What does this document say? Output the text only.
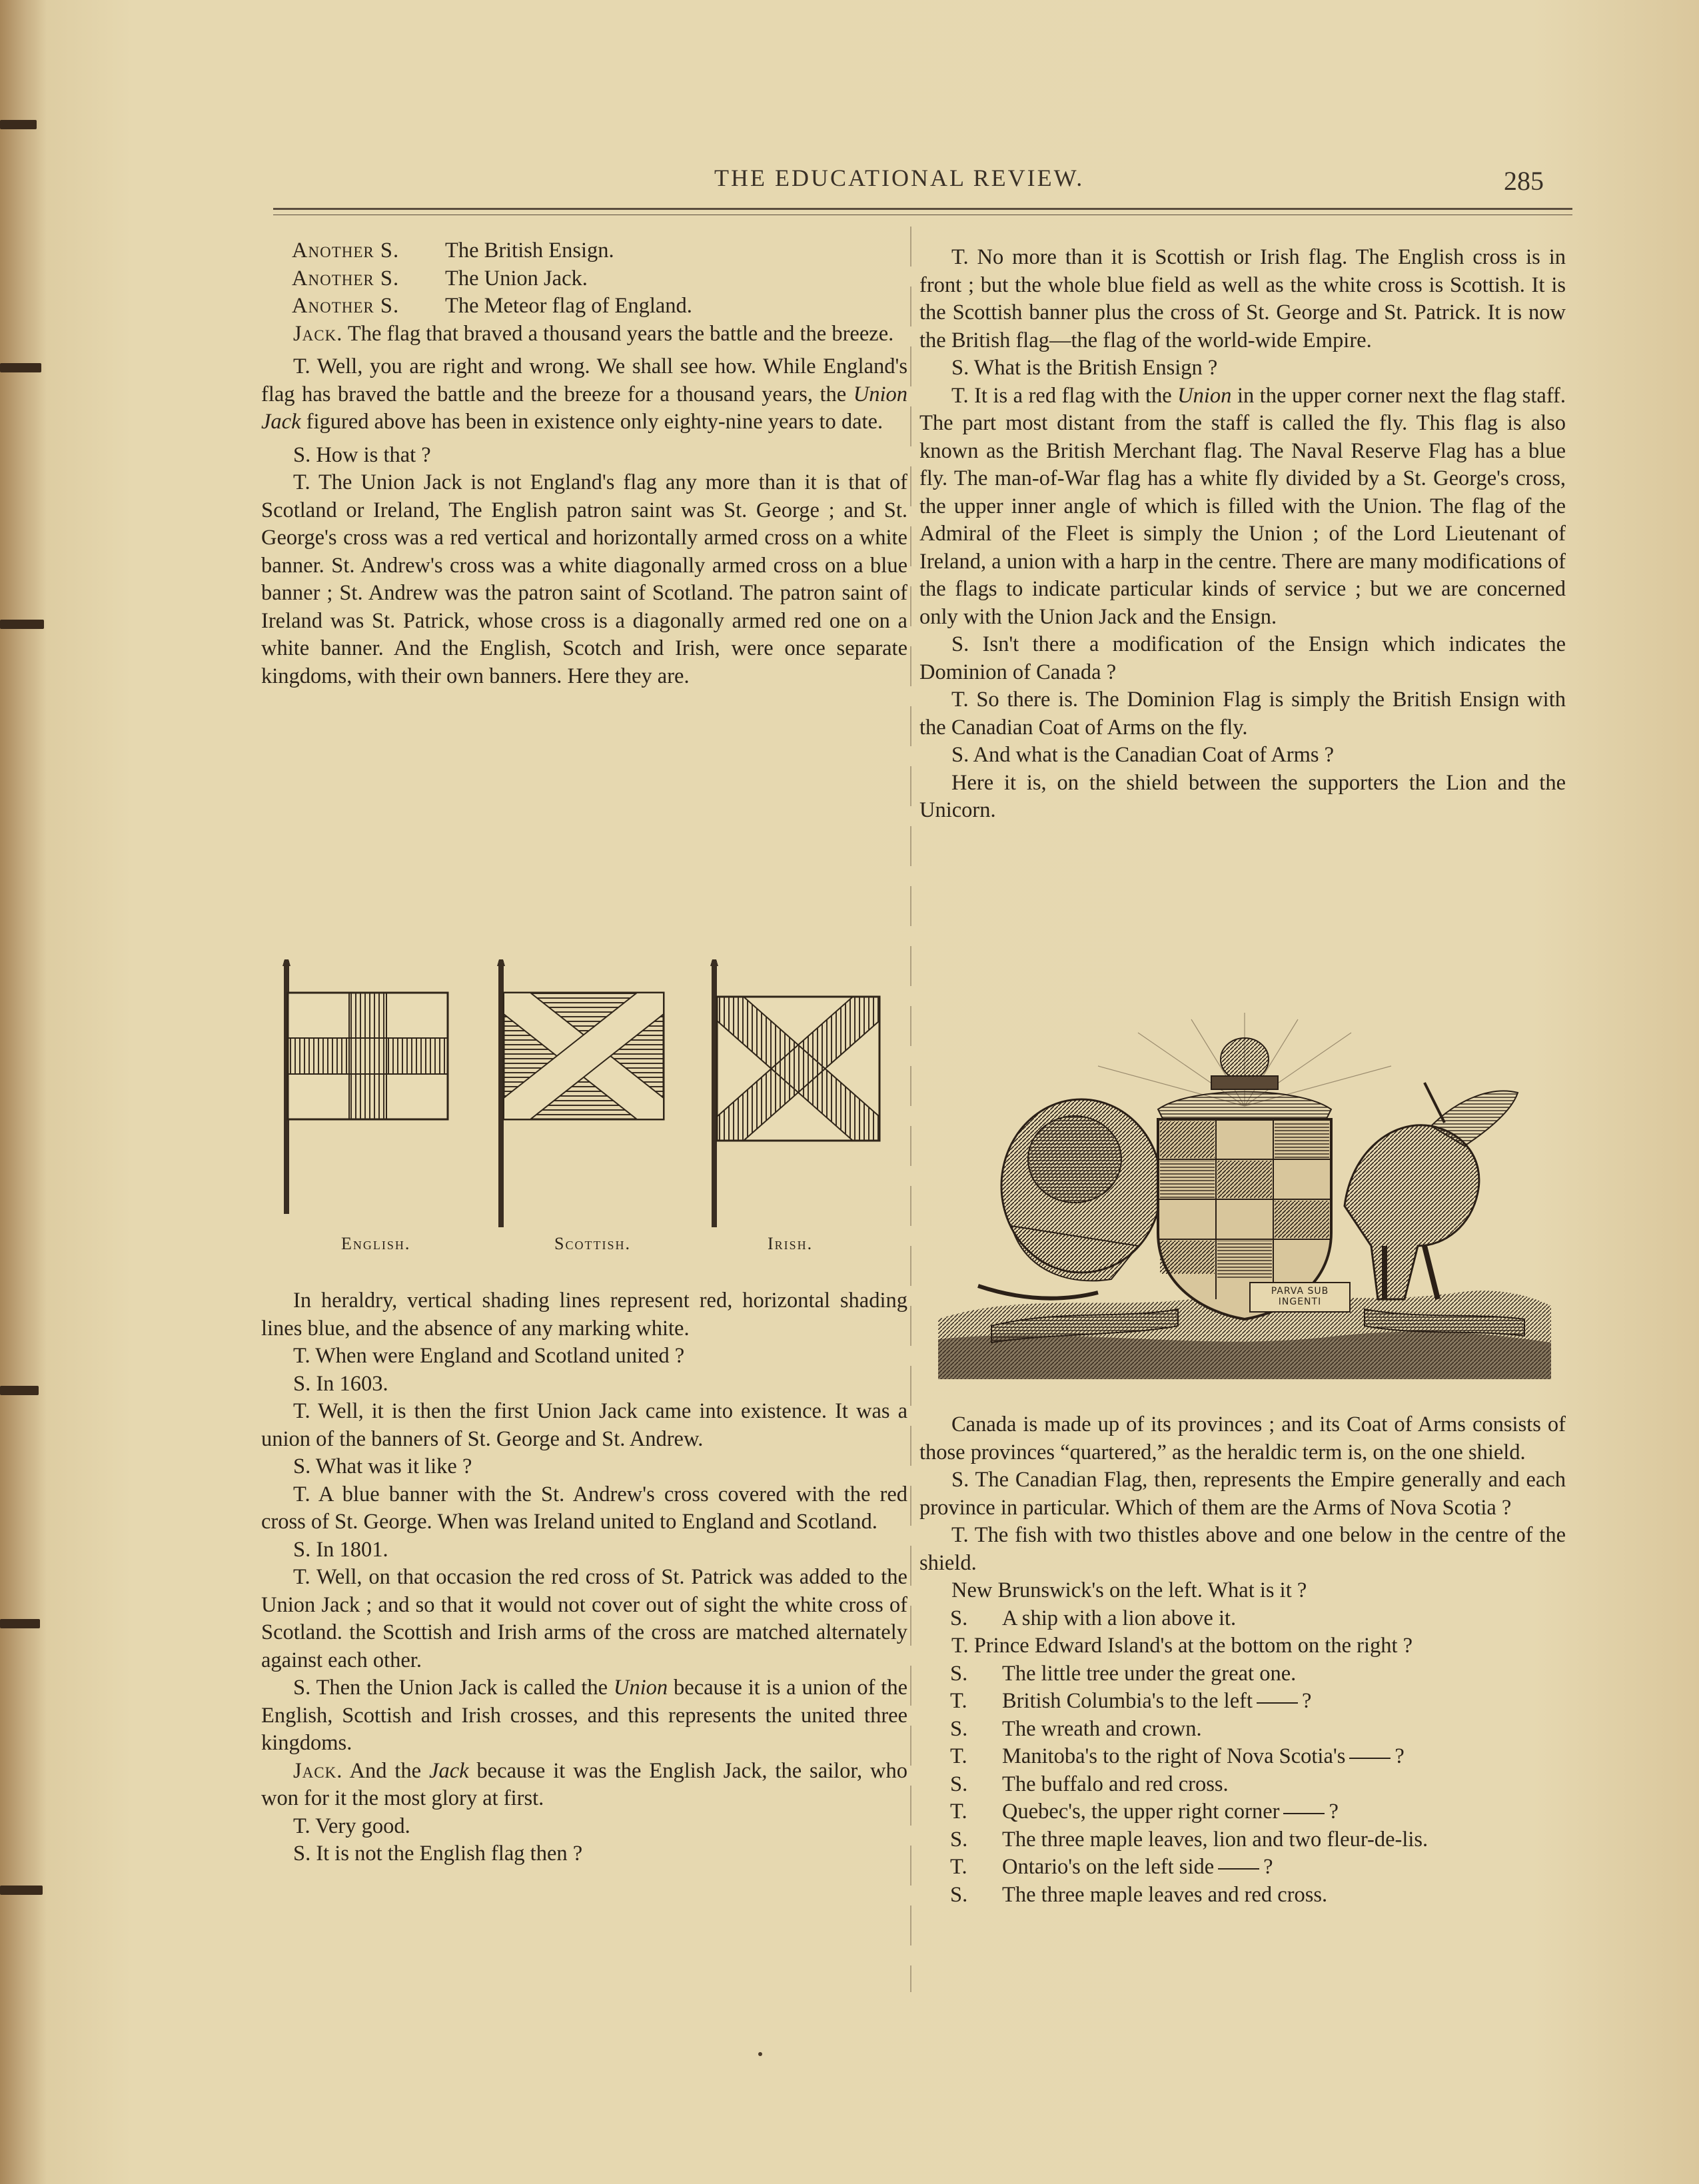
THE EDUCATIONAL REVIEW.	285

Another S. The British Ensign.

Another S. The Union Jack.

Another S. The Meteor flag of England.

Jack. The flag that braved a thousand years the battle and the breeze.

T. Well, you are right and wrong. We shall see how. While England's flag has braved the battle and the breeze for a thousand years, the Union Jack figured above has been in existence only eighty-nine years to date.

S. How is that ?

T. The Union Jack is not England's flag any more than it is that of Scotland or Ireland, The English patron saint was St. George ; and St. George's cross was a red vertical and horizontally armed cross on a white banner. St. Andrew's cross was a white diagonally armed cross on a blue banner ; St. Andrew was the patron saint of Scotland. The patron saint of Ireland was St. Patrick, whose cross is a diagonally armed red one on a white banner. And the English, Scotch and Irish, were once separate kingdoms, with their own banners. Here they are.

English.	Scottish.	Irish.

In heraldry, vertical shading lines represent red, horizontal shading lines blue, and the absence of any marking white.

T. When were England and Scotland united ?

S. In 1603.

T. Well, it is then the first Union Jack came into existence. It was a union of the banners of St. George and St. Andrew.

S. What was it like ?

T. A blue banner with the St. Andrew's cross covered with the red cross of St. George. When was Ireland united to England and Scotland.

S. In 1801.

T. Well, on that occasion the red cross of St. Patrick was added to the Union Jack ; and so that it would not cover out of sight the white cross of Scotland. the Scottish and Irish arms of the cross are matched alternately against each other.

S. Then the Union Jack is called the Union because it is a union of the English, Scottish and Irish crosses, and this represents the united three kingdoms.

Jack. And the Jack because it was the English Jack, the sailor, who won for it the most glory at first.

T. Very good.

S. It is not the English flag then ?

T. No more than it is Scottish or Irish flag. The English cross is in front ; but the whole blue field as well as the white cross is Scottish. It is the Scottish banner plus the cross of St. George and St. Patrick. It is now the British flag—the flag of the world-wide Empire.

S. What is the British Ensign ?

T. It is a red flag with the Union in the upper corner next the flag staff. The part most distant from the staff is called the fly. This flag is also known as the British Merchant flag. The Naval Reserve Flag has a blue fly. The man-of-War flag has a white fly divided by a St. George's cross, the upper inner angle of which is filled with the Union. The flag of the Admiral of the Fleet is simply the Union ; of the Lord Lieutenant of Ireland, a union with a harp in the centre. There are many modifications of the flags to indicate particular kinds of service ; but we are concerned only with the Union Jack and the Ensign.

S. Isn't there a modification of the Ensign which indicates the Dominion of Canada ?

T. So there is. The Dominion Flag is simply the British Ensign with the Canadian Coat of Arms on the fly.

S. And what is the Canadian Coat of Arms ?

Here it is, on the shield between the supporters the Lion and the Unicorn.

PARVA SUB INGENTI

Canada is made up of its provinces ; and its Coat of Arms consists of those provinces “quartered,” as the heraldic term is, on the one shield.

S. The Canadian Flag, then, represents the Empire generally and each province in particular. Which of them are the Arms of Nova Scotia ?

T. The fish with two thistles above and one below in the centre of the shield.

New Brunswick's on the left. What is it ?

S. A ship with a lion above it.

T. Prince Edward Island's at the bottom on the right ?

S. The little tree under the great one.

T. British Columbia's to the left ?

S. The wreath and crown.

T. Manitoba's to the right of Nova Scotia's ?

S. The buffalo and red cross.

T. Quebec's, the upper right corner ?

S. The three maple leaves, lion and two fleur-de-lis.

T. Ontario's on the left side ?

S. The three maple leaves and red cross.
